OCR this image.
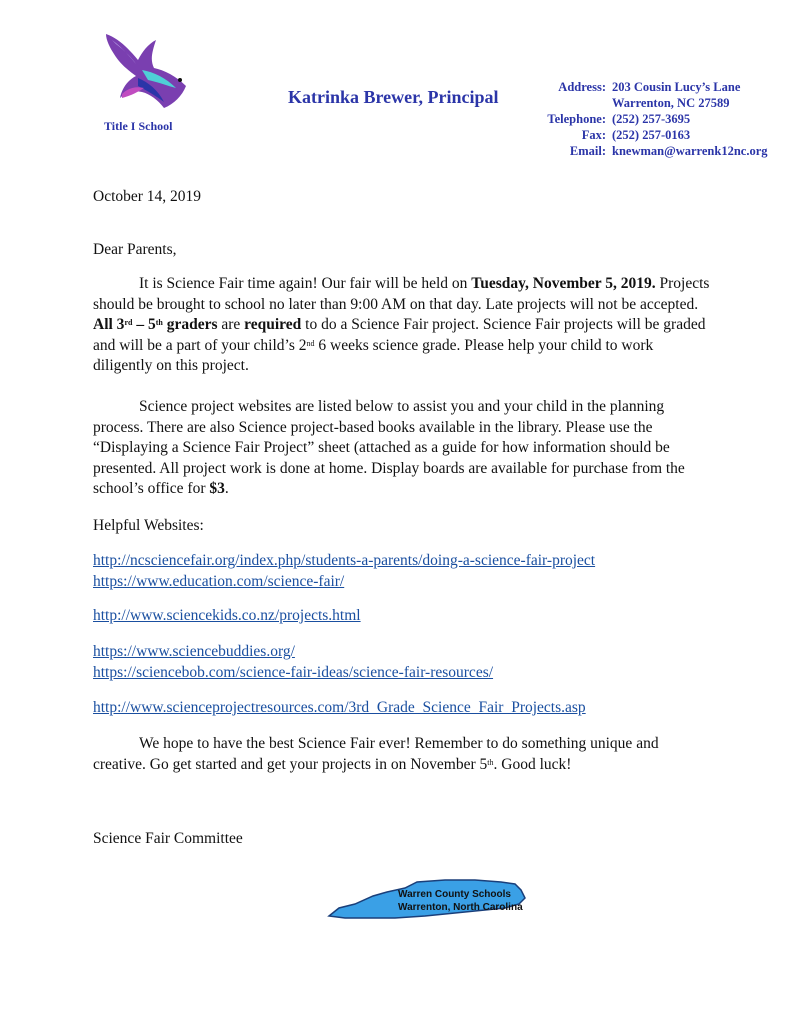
Title I School
Katrinka Brewer, Principal	Address: 203 Cousin Lucy’s Lane
Warrenton, NC 27589
Telephone: (252) 257-3695
Fax: (252) 257-0163
Email: knewman@warrenk12nc.org
October 14, 2019
Dear Parents,
It is Science Fair time again! Our fair will be held on Tuesday, November 5, 2019. Projects should be brought to school no later than 9:00 AM on that day. Late projects will not be accepted. All 3rd – 5th graders are required to do a Science Fair project. Science Fair projects will be graded and will be a part of your child’s 2nd 6 weeks science grade. Please help your child to work diligently on this project.
Science project websites are listed below to assist you and your child in the planning process. There are also Science project-based books available in the library. Please use the “Displaying a Science Fair Project” sheet (attached as a guide for how information should be presented. All project work is done at home. Display boards are available for purchase from the school’s office for $3.
Helpful Websites:
http://ncsciencefair.org/index.php/students-a-parents/doing-a-science-fair-project
https://www.education.com/science-fair/
http://www.sciencekids.co.nz/projects.html
https://www.sciencebuddies.org/
https://sciencebob.com/science-fair-ideas/science-fair-resources/
http://www.scienceprojectresources.com/3rd_Grade_Science_Fair_Projects.asp
We hope to have the best Science Fair ever! Remember to do something unique and creative. Go get started and get your projects in on November 5th. Good luck!
Science Fair Committee
Warren County Schools
Warrenton, North Carolina
